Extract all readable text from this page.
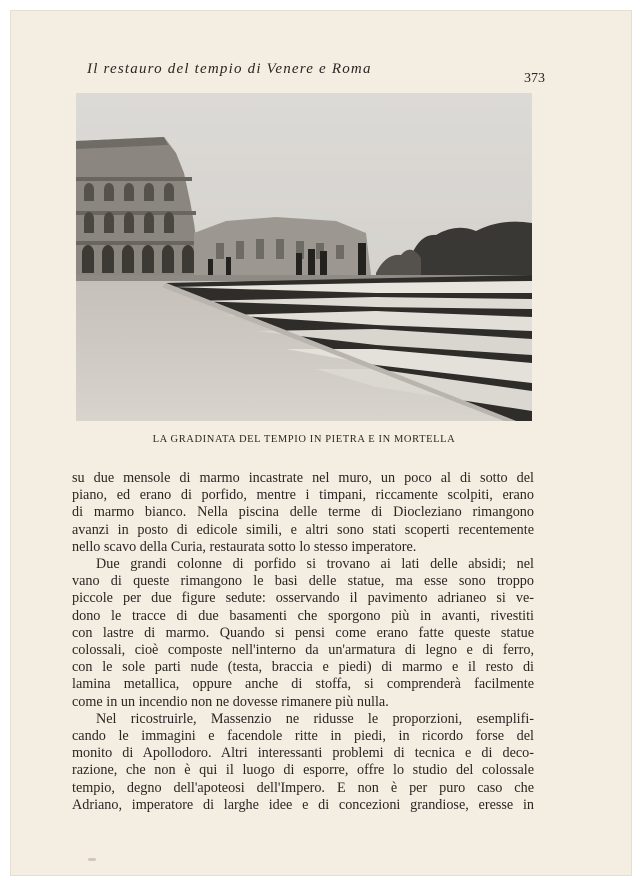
Il restauro del tempio di Venere e Roma
373
LA GRADINATA DEL TEMPIO IN PIETRA E IN MORTELLA
su due mensole di marmo incastrate nel muro, un poco al di sotto del
piano, ed erano di porfido, mentre i timpani, riccamente scolpiti, erano
di marmo bianco. Nella piscina delle terme di Diocleziano rimangono
avanzi in posto di edicole simili, e altri sono stati scoperti recentemente
nello scavo della Curia, restaurata sotto lo stesso imperatore.
Due grandi colonne di porfido si trovano ai lati delle absidi; nel
vano di queste rimangono le basi delle statue, ma esse sono troppo
piccole per due figure sedute: osservando il pavimento adrianeo si ve-
dono le tracce di due basamenti che sporgono più in avanti, rivestiti
con lastre di marmo. Quando si pensi come erano fatte queste statue
colossali, cioè composte nell'interno da un'armatura di legno e di ferro,
con le sole parti nude (testa, braccia e piedi) di marmo e il resto di
lamina metallica, oppure anche di stoffa, si comprenderà facilmente
come in un incendio non ne dovesse rimanere più nulla.
Nel ricostruirle, Massenzio ne ridusse le proporzioni, esemplifi-
cando le immagini e facendole ritte in piedi, in ricordo forse del
monito di Apollodoro. Altri interessanti problemi di tecnica e di deco-
razione, che non è qui il luogo di esporre, offre lo studio del colossale
tempio, degno dell'apoteosi dell'Impero. E non è per puro caso che
Adriano, imperatore di larghe idee e di concezioni grandiose, eresse in
